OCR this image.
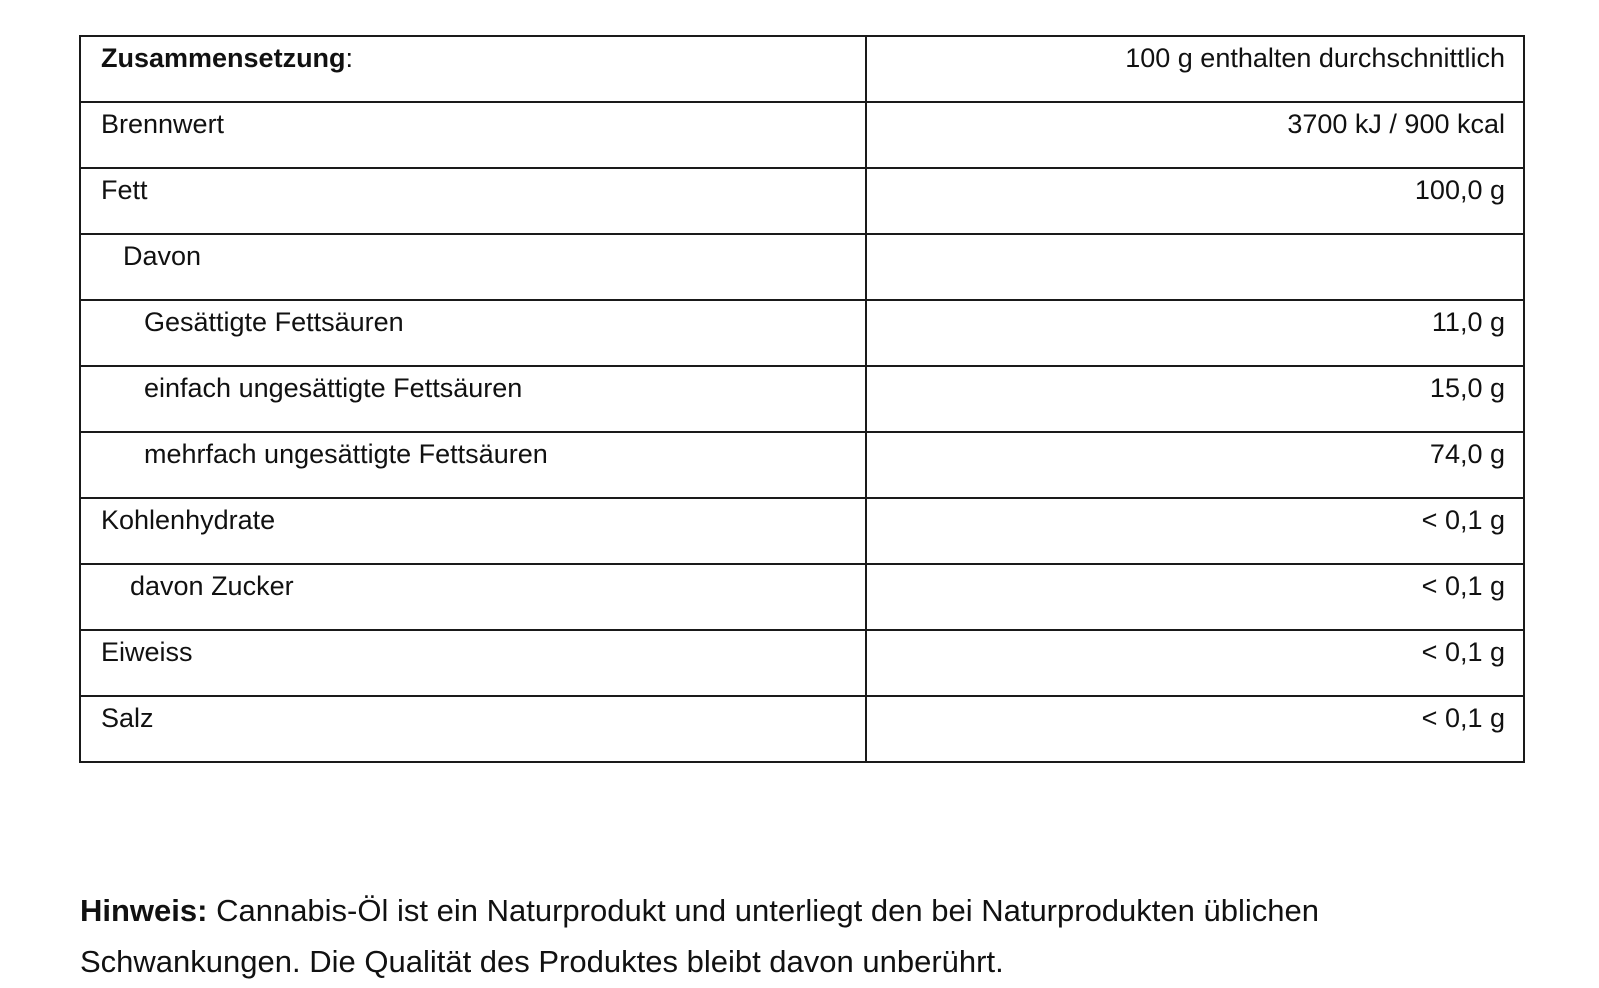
Zusammensetzung:	100 g enthalten durchschnittlich
Brennwert	3700 kJ / 900 kcal
Fett	100,0 g
Davon	
Gesättigte Fettsäuren	11,0 g
einfach ungesättigte Fettsäuren	15,0 g
mehrfach ungesättigte Fettsäuren	74,0 g
Kohlenhydrate	< 0,1 g
davon Zucker	< 0,1 g
Eiweiss	< 0,1 g
Salz	< 0,1 g

Hinweis: Cannabis-Öl ist ein Naturprodukt und unterliegt den bei Naturprodukten üblichen Schwankungen. Die Qualität des Produktes bleibt davon unberührt.
